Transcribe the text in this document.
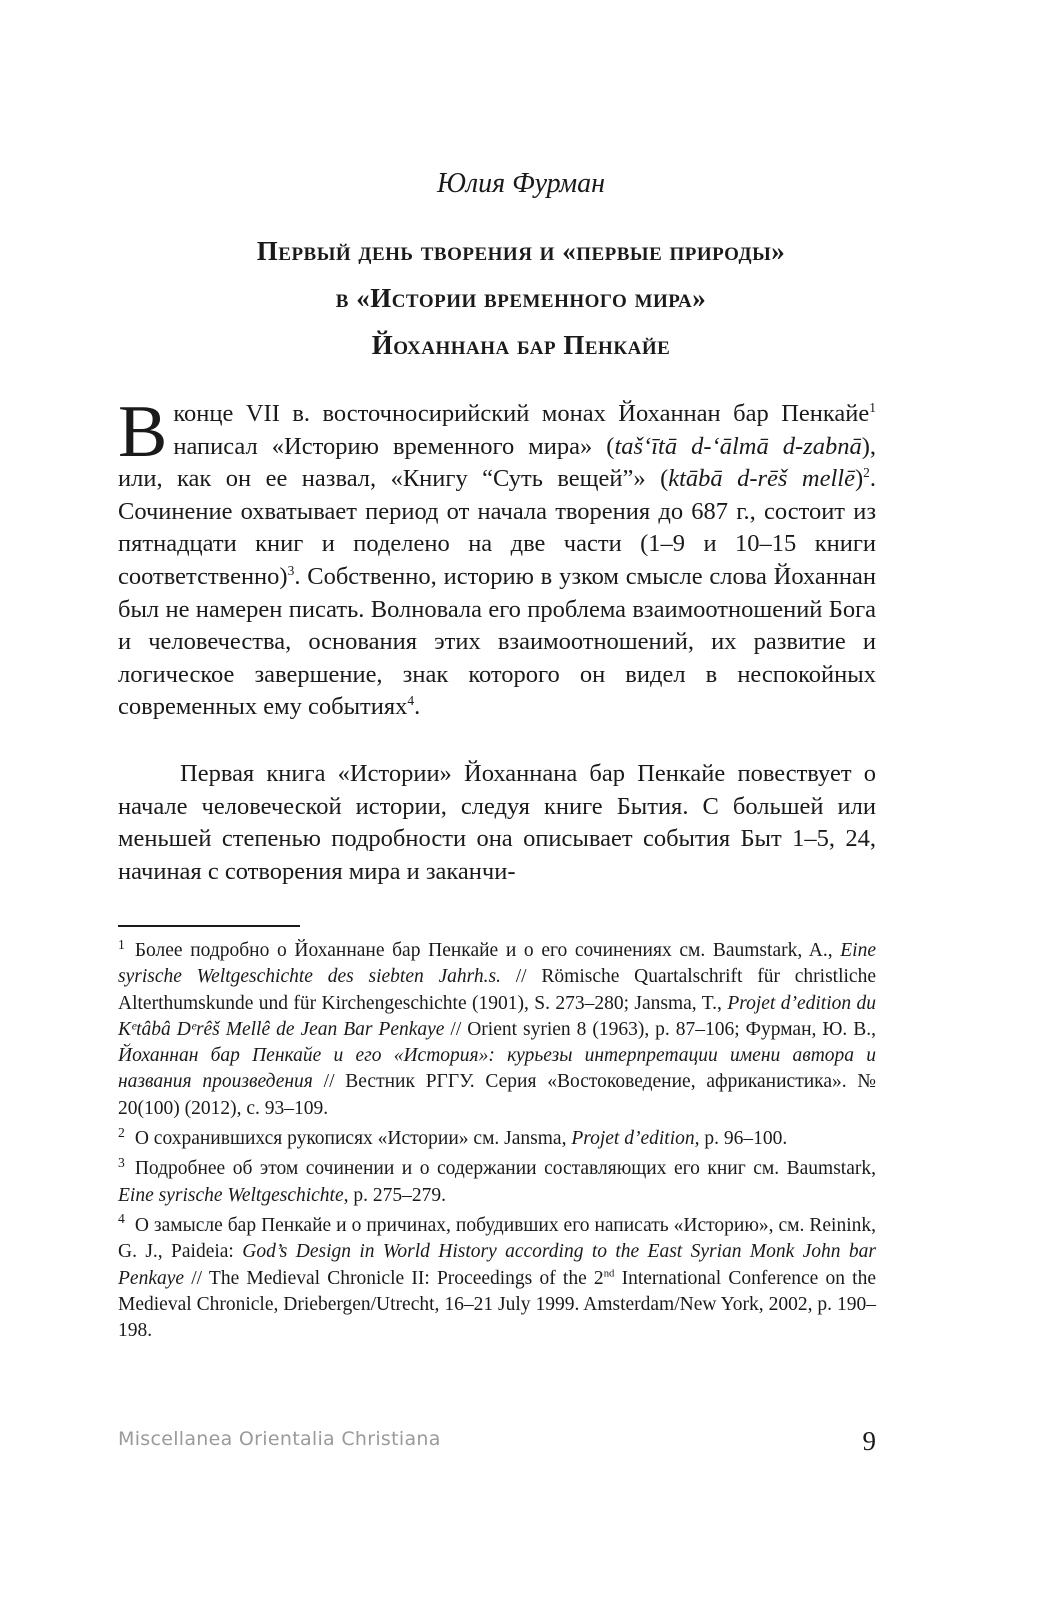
Юлия Фурман
Первый день творения и «первые природы»
в «Истории временного мира»
Йоханнана бар Пенкайе
В конце VII в. восточносирийский монах Йоханнан бар Пенкайе$^1$ написал «Историю временного мира» (taš‘ītā d-‘ālmā d-zabnā), или, как он ее назвал, «Книгу “Суть вещей”» (ktābā d-rēš mellē)$^2$. Сочинение охватывает период от начала творения до 687 г., состоит из пятнадцати книг и поделено на две части (1–9 и 10–15 книги соответственно)$^3$. Собственно, историю в узком смысле слова Йоханнан был не намерен писать. Волновала его проблема взаимоотношений Бога и человечества, основания этих взаимоотношений, их развитие и логическое завершение, знак которого он видел в неспокойных современных ему событиях$^4$.
Первая книга «Истории» Йоханнана бар Пенкайе повествует о начале человеческой истории, следуя книге Бытия. С большей или меньшей степенью подробности она описывает события Быт 1–5, 24, начиная с сотворения мира и заканчи-
$^1$ Более подробно о Йоханнане бар Пенкайе и о его сочинениях см. Baumstark, A., Eine syrische Weltgeschichte des siebten Jahrh.s. // Römische Quartalschrift für christliche Alterthumskunde und für Kirchengeschichte (1901), S. 273–280; Jansma, T., Projet d’edition du Kᵉtâbâ Dᵉrêš Mellê de Jean Bar Penkaye // Orient syrien 8 (1963), p. 87–106; Фурман, Ю. В., Йоханнан бар Пенкайе и его «История»: курьезы интерпретации имени автора и названия произведения // Вестник РГГУ. Серия «Востоковедение, африканистика». № 20(100) (2012), с. 93–109.
$^2$ О сохранившихся рукописях «Истории» см. Jansma, Projet d’edition, p. 96–100.
$^3$ Подробнее об этом сочинении и о содержании составляющих его книг см. Baumstark, Eine syrische Weltgeschichte, p. 275–279.
$^4$ О замысле бар Пенкайе и о причинах, побудивших его написать «Историю», см. Reinink, G. J., Paideia: God’s Design in World History according to the East Syrian Monk John bar Penkaye // The Medieval Chronicle II: Proceedings of the 2nd International Conference on the Medieval Chronicle, Driebergen/Utrecht, 16–21 July 1999. Amsterdam/New York, 2002, p. 190–198.
Miscellanea Orientalia Christiana	9
